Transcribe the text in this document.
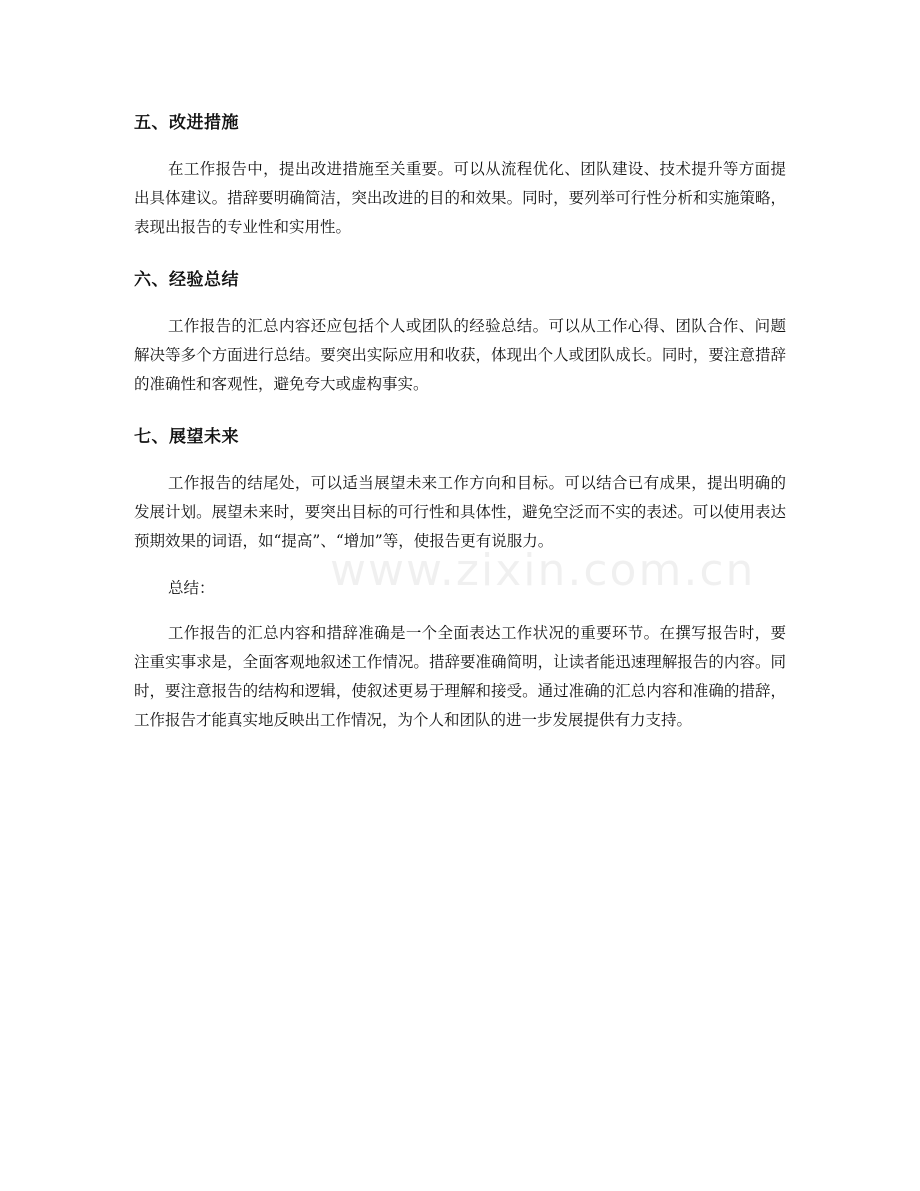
五、改进措施

在工作报告中，提出改进措施至关重要。可以从流程优化、团队建设、技术提升等方面提出具体建议。措辞要明确简洁，突出改进的目的和效果。同时，要列举可行性分析和实施策略，表现出报告的专业性和实用性。

六、经验总结

工作报告的汇总内容还应包括个人或团队的经验总结。可以从工作心得、团队合作、问题解决等多个方面进行总结。要突出实际应用和收获，体现出个人或团队成长。同时，要注意措辞的准确性和客观性，避免夸大或虚构事实。

七、展望未来

工作报告的结尾处，可以适当展望未来工作方向和目标。可以结合已有成果，提出明确的发展计划。展望未来时，要突出目标的可行性和具体性，避免空泛而不实的表述。可以使用表达预期效果的词语，如“提高”、“增加”等，使报告更有说服力。

总结：

工作报告的汇总内容和措辞准确是一个全面表达工作状况的重要环节。在撰写报告时，要注重实事求是，全面客观地叙述工作情况。措辞要准确简明，让读者能迅速理解报告的内容。同时，要注意报告的结构和逻辑，使叙述更易于理解和接受。通过准确的汇总内容和准确的措辞，工作报告才能真实地反映出工作情况，为个人和团队的进一步发展提供有力支持。

www.zixin.com.cn
